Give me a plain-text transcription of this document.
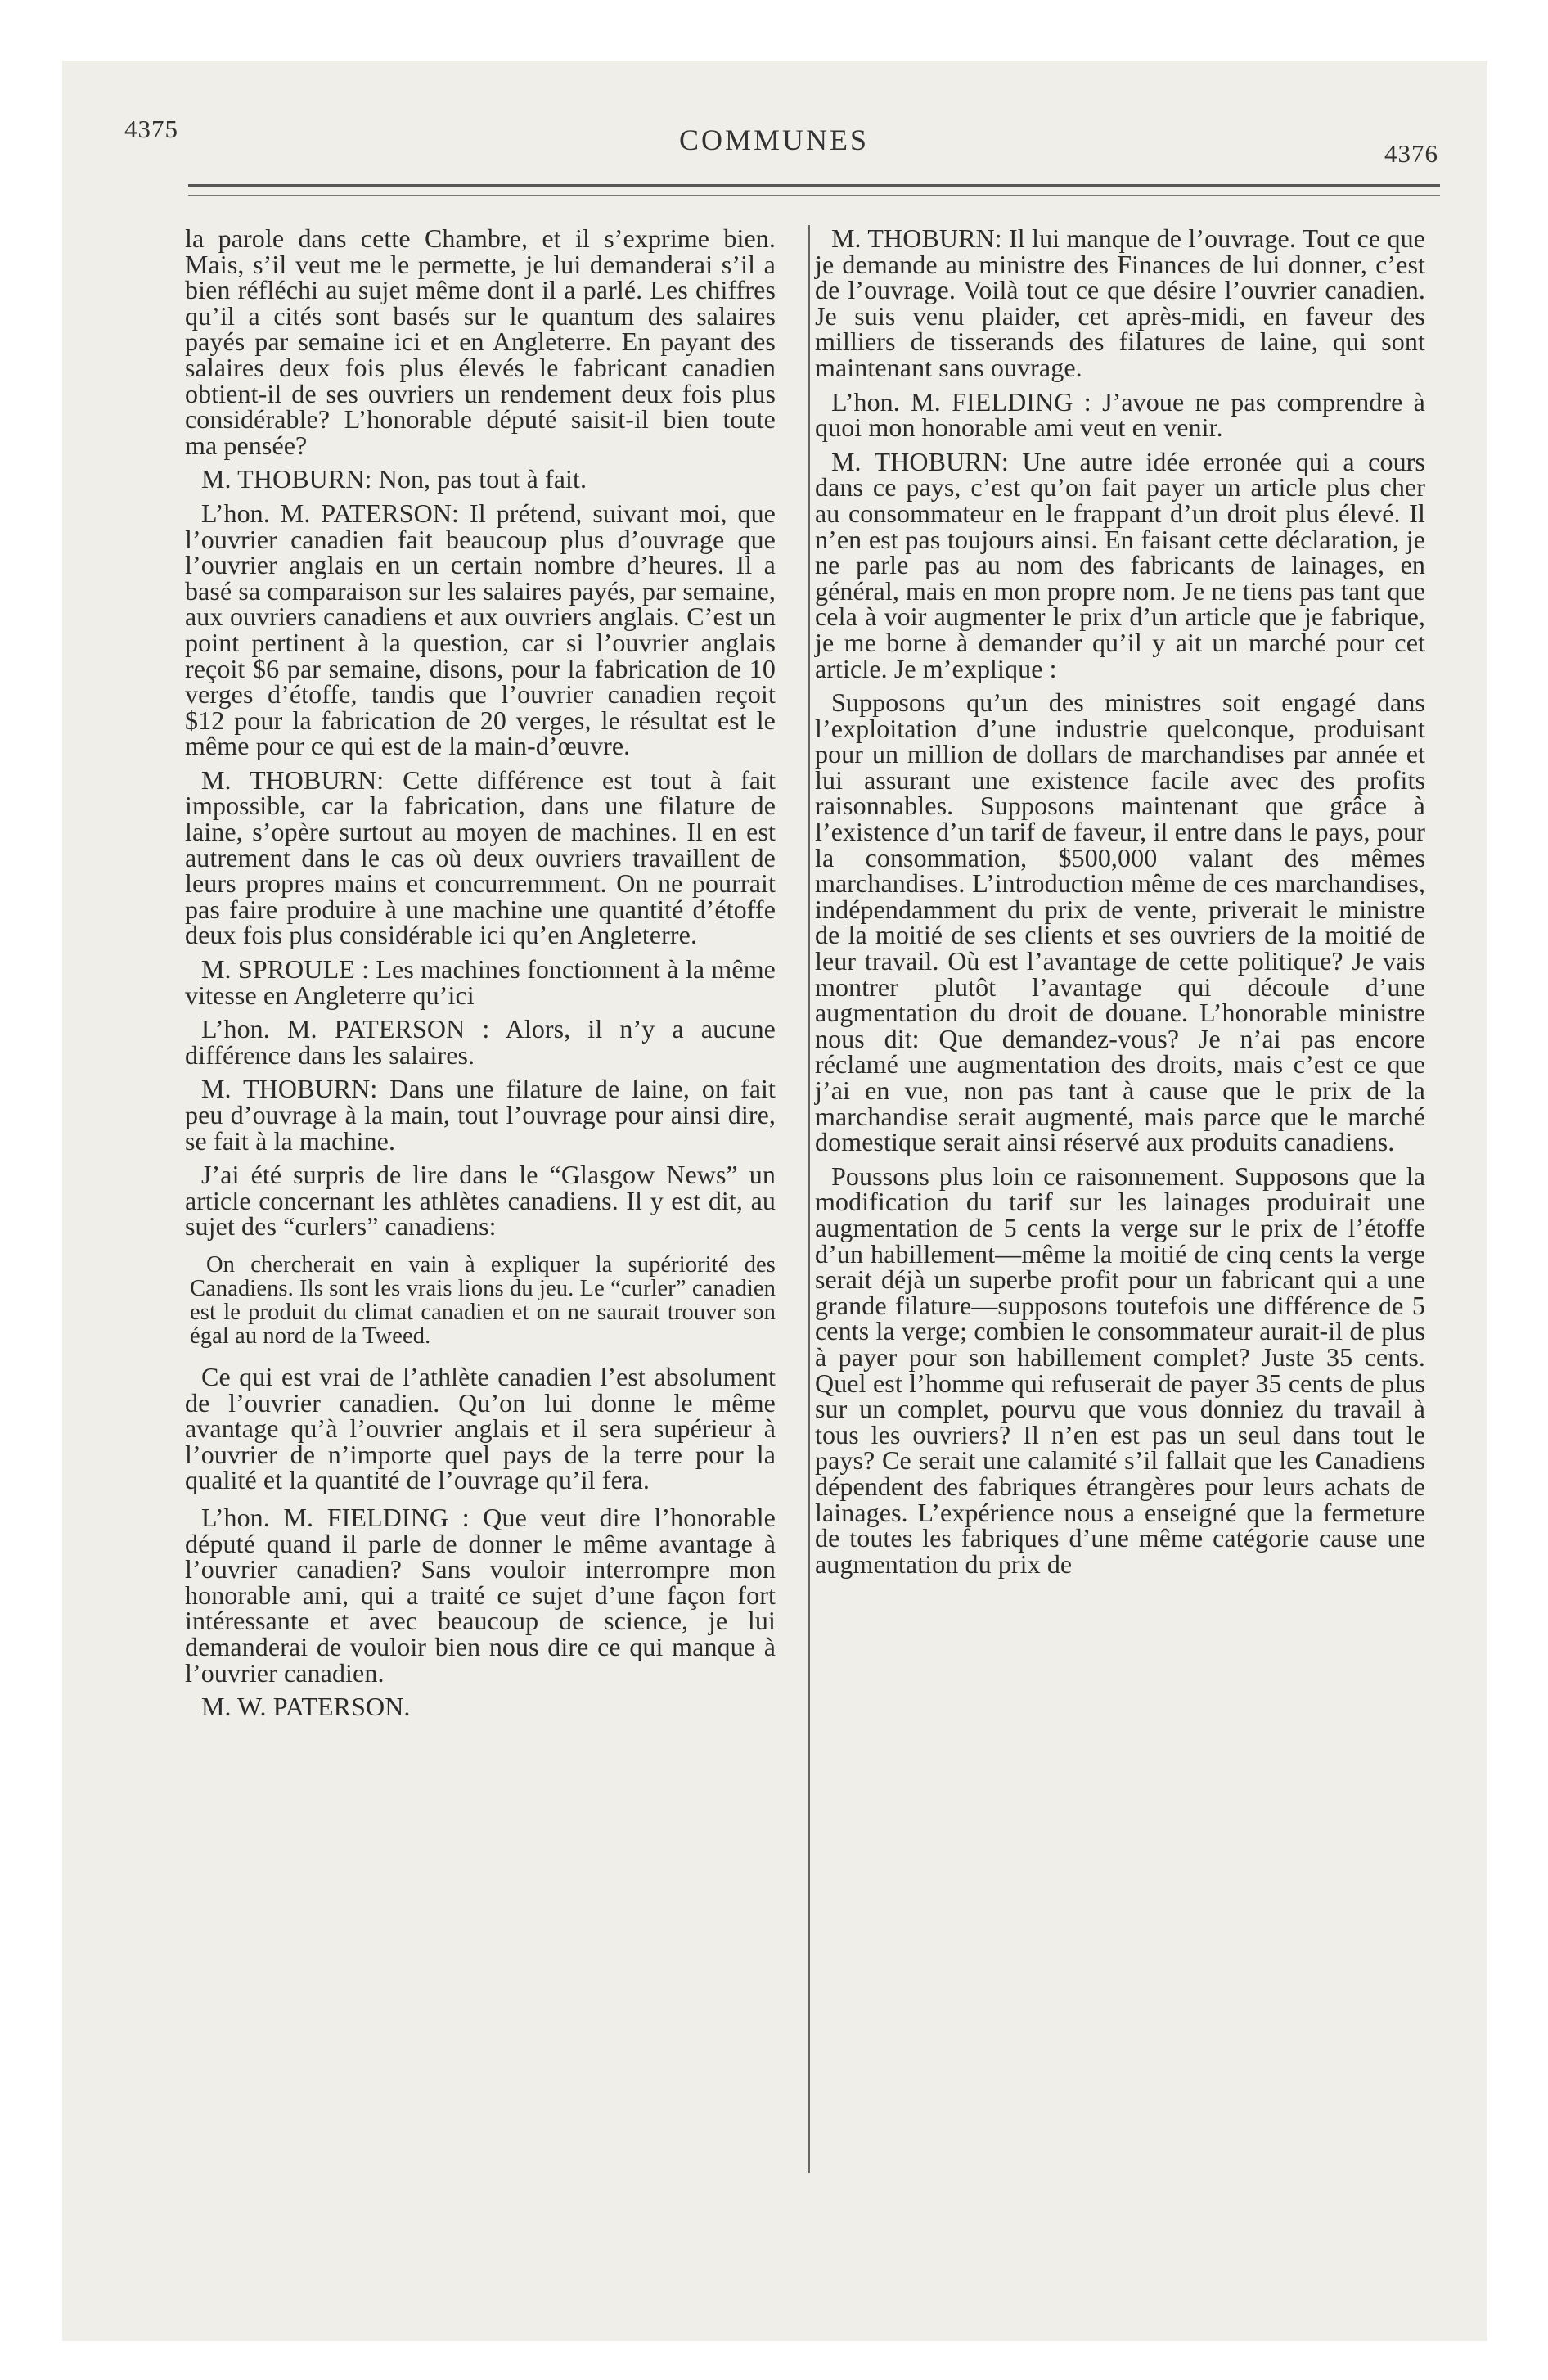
4375	COMMUNES	4376

la parole dans cette Chambre, et il s’exprime bien. Mais, s’il veut me le permette, je lui demanderai s’il a bien réfléchi au sujet même dont il a parlé. Les chiffres qu’il a cités sont basés sur le quantum des salaires payés par semaine ici et en Angleterre. En payant des salaires deux fois plus élevés le fabricant canadien obtient-il de ses ouvriers un rendement deux fois plus considérable? L’honorable député saisit-il bien toute ma pensée?

M. THOBURN: Non, pas tout à fait.

L’hon. M. PATERSON: Il prétend, suivant moi, que l’ouvrier canadien fait beaucoup plus d’ouvrage que l’ouvrier anglais en un certain nombre d’heures. Il a basé sa comparaison sur les salaires payés, par semaine, aux ouvriers canadiens et aux ouvriers anglais. C’est un point pertinent à la question, car si l’ouvrier anglais reçoit $6 par semaine, disons, pour la fabrication de 10 verges d’étoffe, tandis que l’ouvrier canadien reçoit $12 pour la fabrication de 20 verges, le résultat est le même pour ce qui est de la main-d’œuvre.

M. THOBURN: Cette différence est tout à fait impossible, car la fabrication, dans une filature de laine, s’opère surtout au moyen de machines. Il en est autrement dans le cas où deux ouvriers travaillent de leurs propres mains et concurremment. On ne pourrait pas faire produire à une machine une quantité d’étoffe deux fois plus considérable ici qu’en Angleterre.

M. SPROULE : Les machines fonctionnent à la même vitesse en Angleterre qu’ici

L’hon. M. PATERSON : Alors, il n’y a aucune différence dans les salaires.

M. THOBURN: Dans une filature de laine, on fait peu d’ouvrage à la main, tout l’ouvrage pour ainsi dire, se fait à la machine.

J’ai été surpris de lire dans le “Glasgow News” un article concernant les athlètes canadiens. Il y est dit, au sujet des “curlers” canadiens:

On chercherait en vain à expliquer la supériorité des Canadiens. Ils sont les vrais lions du jeu. Le “curler” canadien est le produit du climat canadien et on ne saurait trouver son égal au nord de la Tweed.

Ce qui est vrai de l’athlète canadien l’est absolument de l’ouvrier canadien. Qu’on lui donne le même avantage qu’à l’ouvrier anglais et il sera supérieur à l’ouvrier de n’importe quel pays de la terre pour la qualité et la quantité de l’ouvrage qu’il fera.

L’hon. M. FIELDING : Que veut dire l’honorable député quand il parle de donner le même avantage à l’ouvrier canadien? Sans vouloir interrompre mon honorable ami, qui a traité ce sujet d’une façon fort intéressante et avec beaucoup de science, je lui demanderai de vouloir bien nous dire ce qui manque à l’ouvrier canadien.

M. W. PATERSON.

M. THOBURN: Il lui manque de l’ouvrage. Tout ce que je demande au ministre des Finances de lui donner, c’est de l’ouvrage. Voilà tout ce que désire l’ouvrier canadien. Je suis venu plaider, cet après-midi, en faveur des milliers de tisserands des filatures de laine, qui sont maintenant sans ouvrage.

L’hon. M. FIELDING : J’avoue ne pas comprendre à quoi mon honorable ami veut en venir.

M. THOBURN: Une autre idée erronée qui a cours dans ce pays, c’est qu’on fait payer un article plus cher au consommateur en le frappant d’un droit plus élevé. Il n’en est pas toujours ainsi. En faisant cette déclaration, je ne parle pas au nom des fabricants de lainages, en général, mais en mon propre nom. Je ne tiens pas tant que cela à voir augmenter le prix d’un article que je fabrique, je me borne à demander qu’il y ait un marché pour cet article. Je m’explique :

Supposons qu’un des ministres soit engagé dans l’exploitation d’une industrie quelconque, produisant pour un million de dollars de marchandises par année et lui assurant une existence facile avec des profits raisonnables. Supposons maintenant que grâce à l’existence d’un tarif de faveur, il entre dans le pays, pour la consommation, $500,000 valant des mêmes marchandises. L’introduction même de ces marchandises, indépendamment du prix de vente, priverait le ministre de la moitié de ses clients et ses ouvriers de la moitié de leur travail. Où est l’avantage de cette politique? Je vais montrer plutôt l’avantage qui découle d’une augmentation du droit de douane. L’honorable ministre nous dit: Que demandez-vous? Je n’ai pas encore réclamé une augmentation des droits, mais c’est ce que j’ai en vue, non pas tant à cause que le prix de la marchandise serait augmenté, mais parce que le marché domestique serait ainsi réservé aux produits canadiens.

Poussons plus loin ce raisonnement. Supposons que la modification du tarif sur les lainages produirait une augmentation de 5 cents la verge sur le prix de l’étoffe d’un habillement—même la moitié de cinq cents la verge serait déjà un superbe profit pour un fabricant qui a une grande filature—supposons toutefois une différence de 5 cents la verge; combien le consommateur aurait-il de plus à payer pour son habillement complet? Juste 35 cents. Quel est l’homme qui refuserait de payer 35 cents de plus sur un complet, pourvu que vous donniez du travail à tous les ouvriers? Il n’en est pas un seul dans tout le pays? Ce serait une calamité s’il fallait que les Canadiens dépendent des fabriques étrangères pour leurs achats de lainages. L’expérience nous a enseigné que la fermeture de toutes les fabriques d’une même catégorie cause une augmentation du prix de
